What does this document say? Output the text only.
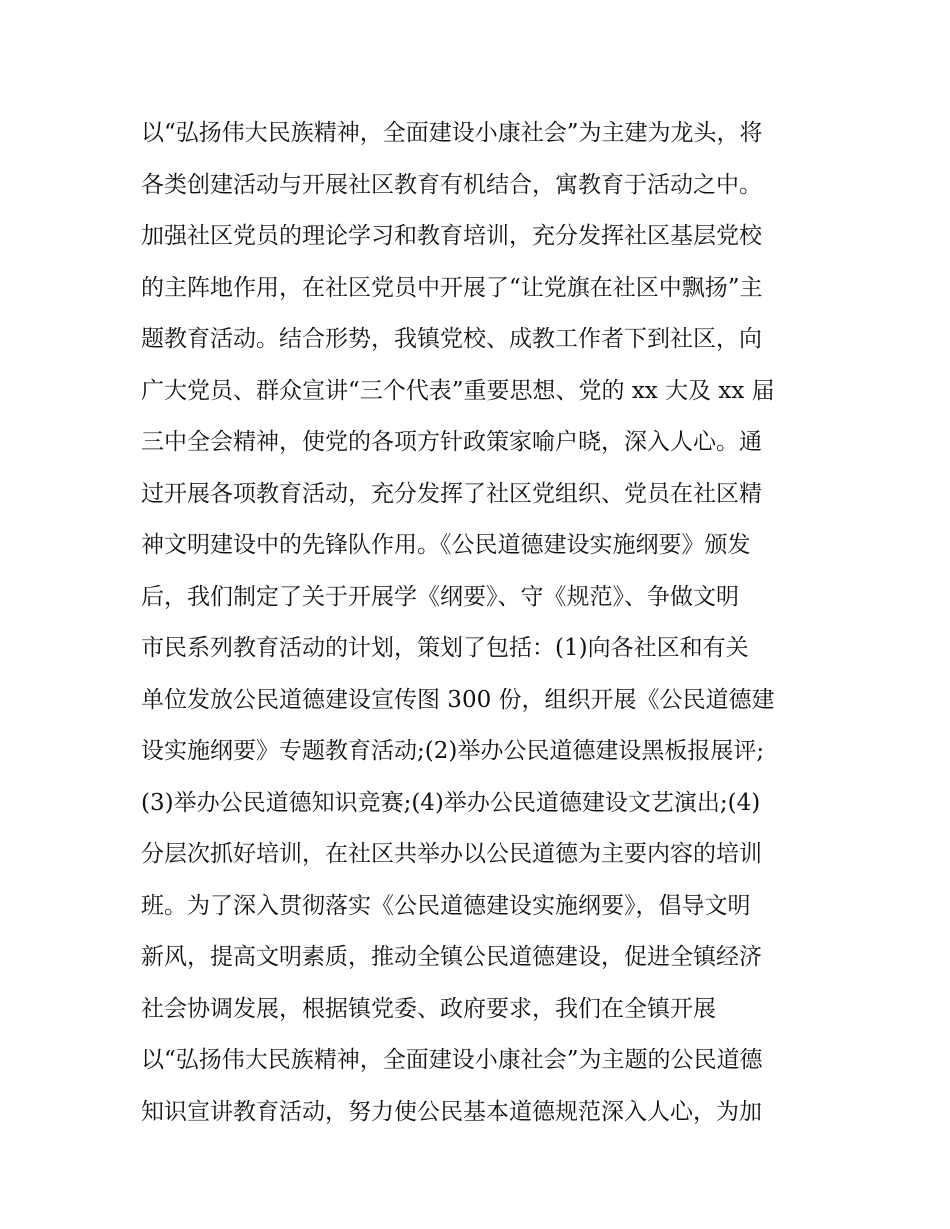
以“弘扬伟大民族精神，全面建设小康社会”为主建为龙头，将
各类创建活动与开展社区教育有机结合，寓教育于活动之中。
加强社区党员的理论学习和教育培训，充分发挥社区基层党校
的主阵地作用，在社区党员中开展了“让党旗在社区中飘扬”主
题教育活动。结合形势，我镇党校、成教工作者下到社区，向
广大党员、群众宣讲“三个代表”重要思想、党的 xx 大及 xx 届
三中全会精神，使党的各项方针政策家喻户晓，深入人心。通
过开展各项教育活动，充分发挥了社区党组织、党员在社区精
神文明建设中的先锋队作用。《公民道德建设实施纲要》颁发
后，我们制定了关于开展学《纲要》、守《规范》、争做文明
市民系列教育活动的计划，策划了包括：(1)向各社区和有关
单位发放公民道德建设宣传图 300 份，组织开展《公民道德建
设实施纲要》专题教育活动;(2)举办公民道德建设黑板报展评;
(3)举办公民道德知识竞赛;(4)举办公民道德建设文艺演出;(4)
分层次抓好培训，在社区共举办以公民道德为主要内容的培训
班。为了深入贯彻落实《公民道德建设实施纲要》，倡导文明
新风，提高文明素质，推动全镇公民道德建设，促进全镇经济
社会协调发展，根据镇党委、政府要求，我们在全镇开展
以“弘扬伟大民族精神，全面建设小康社会”为主题的公民道德
知识宣讲教育活动，努力使公民基本道德规范深入人心，为加
